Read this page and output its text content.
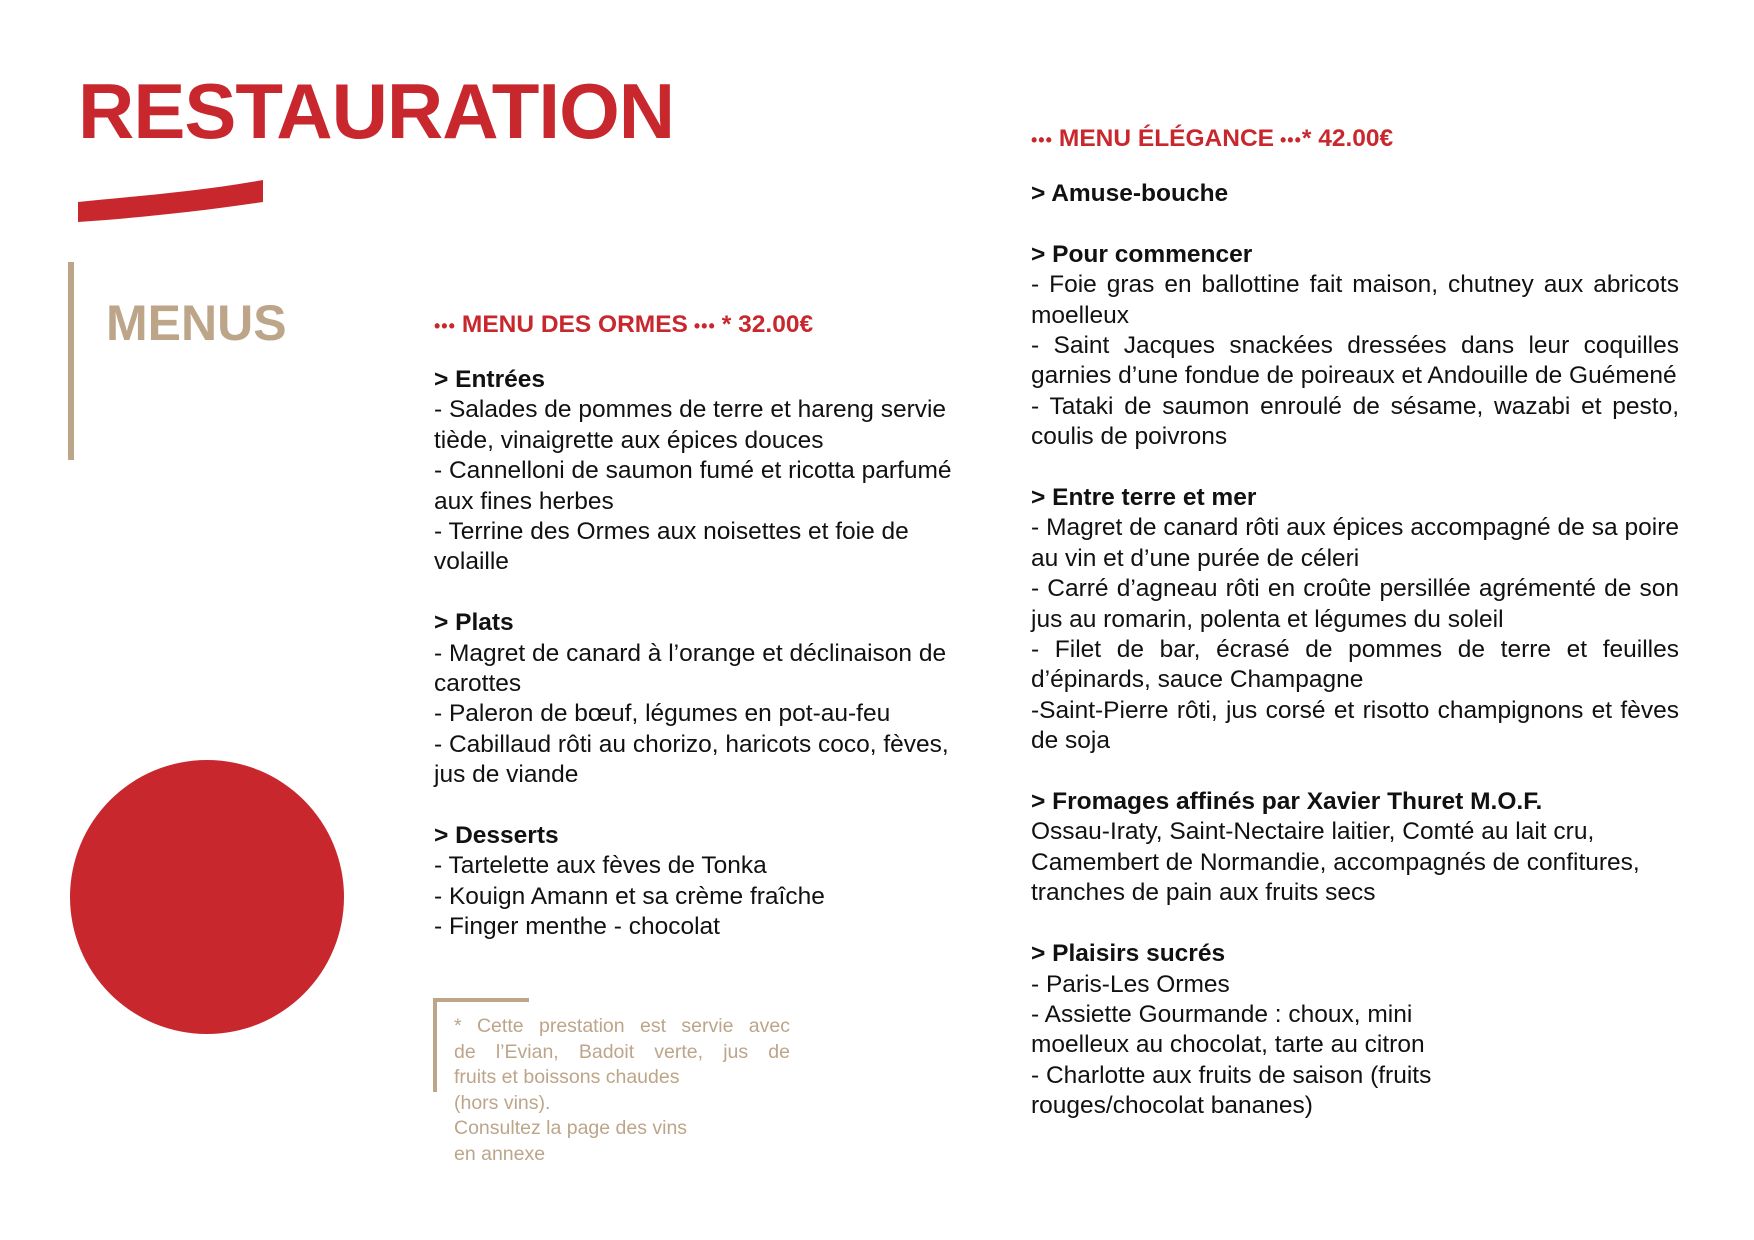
RESTAURATION
MENUS	••• MENU DES ORMES ••• * 32.00€

> Entrées

- Salades de pommes de terre et hareng servie tiède, vinaigrette aux épices douces

- Cannelloni de saumon fumé et ricotta parfumé aux fines herbes

- Terrine des Ormes aux noisettes et foie de volaille

> Plats

- Magret de canard à l’orange et déclinaison de carottes

- Paleron de bœuf, légumes en pot-au-feu

- Cabillaud rôti au chorizo, haricots coco, fèves, jus de viande

> Desserts

- Tartelette aux fèves de Tonka

- Kouign Amann et sa crème fraîche

- Finger menthe - chocolat

* Cette prestation est servie avec

de l’Evian, Badoit verte, jus de

fruits et boissons chaudes

(hors vins).

Consultez la page des vins

en annexe

••• MENU ÉLÉGANCE •••* 42.00€

> Amuse-bouche

> Pour commencer

- Foie gras en ballottine fait maison, chutney aux abricots moelleux

- Saint Jacques snackées dressées dans leur coquilles garnies d’une fondue de poireaux et Andouille de Guémené

- Tataki de saumon enroulé de sésame, wazabi et pesto, coulis de poivrons

> Entre terre et mer

- Magret de canard rôti aux épices accompagné de sa poire au vin et d’une purée de céleri

- Carré d’agneau rôti en croûte persillée agrémenté de son jus au romarin, polenta et légumes du soleil

- Filet de bar, écrasé de pommes de terre et feuilles d’épinards, sauce Champagne

-Saint-Pierre rôti, jus corsé et risotto champignons et fèves de soja

> Fromages affinés par Xavier Thuret M.O.F.

Ossau-Iraty, Saint-Nectaire laitier, Comté au lait cru, Camembert de Normandie, accompagnés de confitures, tranches de pain aux fruits secs

> Plaisirs sucrés

- Paris-Les Ormes

- Assiette Gourmande : choux, mini moelleux au chocolat, tarte au citron

- Charlotte aux fruits de saison (fruits rouges/chocolat bananes)
